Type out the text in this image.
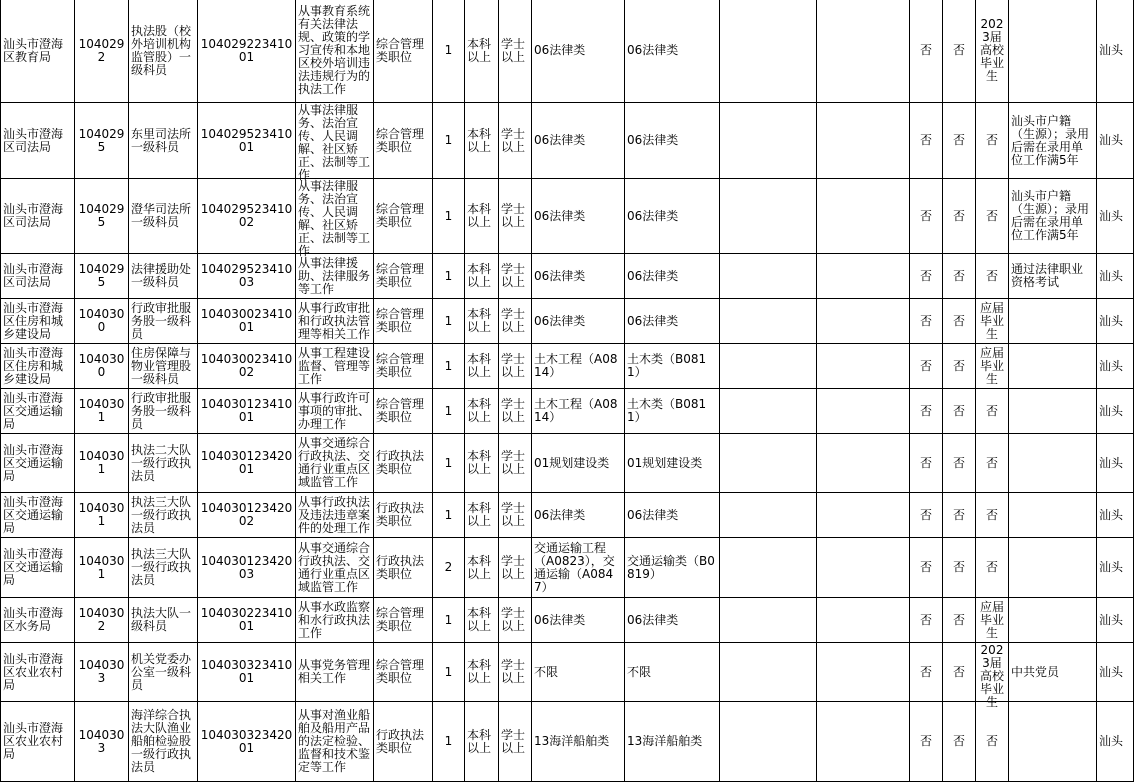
汕头市澄海区教育局	1040292	执法股（校外培训机构监管股）一级科员	10402922341001	从事教育系统有关法律法规、政策的学习宣传和本地区校外培训违法违规行为的执法工作	综合管理类职位	1	本科以上	学士以上	06法律类	06法律类			否	否	2023届高校毕业生		汕头

汕头市澄海区司法局	1040295	东里司法所一级科员	10402952341001	从事法律服务、法治宣传、人民调解、社区矫正、法制等工作	综合管理类职位	1	本科以上	学士以上	06法律类	06法律类			否	否	否	汕头市户籍（生源）；录用后需在录用单位工作满5年	汕头

汕头市澄海区司法局	1040295	澄华司法所一级科员	10402952341002	从事法律服务、法治宣传、人民调解、社区矫正、法制等工作	综合管理类职位	1	本科以上	学士以上	06法律类	06法律类			否	否	否	汕头市户籍（生源）；录用后需在录用单位工作满5年	汕头

汕头市澄海区司法局	1040295	法律援助处一级科员	10402952341003	从事法律援助、法律服务等工作	综合管理类职位	1	本科以上	学士以上	06法律类	06法律类			否	否	否	通过法律职业资格考试	汕头

汕头市澄海区住房和城乡建设局	1040300	行政审批服务股一级科员	10403002341001	从事行政审批和行政执法管理等相关工作	综合管理类职位	1	本科以上	学士以上	06法律类	06法律类			否	否	应届毕业生		汕头

汕头市澄海区住房和城乡建设局	1040300	住房保障与物业管理股一级科员	10403002341002	从事工程建设监督、管理等工作	综合管理类职位	1	本科以上	学士以上	土木工程（A0814）	土木类（B0811）			否	否	应届毕业生		汕头

汕头市澄海区交通运输局	1040301	行政审批服务股一级科员	10403012341001	从事行政许可事项的审批、办理工作	综合管理类职位	1	本科以上	学士以上	土木工程（A0814）	土木类（B0811）			否	否	否		汕头

汕头市澄海区交通运输局	1040301	执法二大队一级行政执法员	10403012342001	从事交通综合行政执法、交通行业重点区域监管工作	行政执法类职位	1	本科以上	学士以上	01规划建设类	01规划建设类			否	否	否		汕头

汕头市澄海区交通运输局	1040301	执法三大队一级行政执法员	10403012342002	从事行政执法及违法违章案件的处理工作	行政执法类职位	1	本科以上	学士以上	06法律类	06法律类			否	否	否		汕头

汕头市澄海区交通运输局	1040301	执法三大队一级行政执法员	10403012342003	从事交通综合行政执法、交通行业重点区域监管工作	行政执法类职位	2	本科以上	学士以上	交通运输工程（A0823），交通运输（A0847）	交通运输类（B0819）			否	否	否		汕头

汕头市澄海区水务局	1040302	执法大队一级科员	10403022341001	从事水政监察和水行政执法工作	综合管理类职位	1	本科以上	学士以上	06法律类	06法律类			否	否	应届毕业生		汕头

汕头市澄海区农业农村局	1040303	机关党委办公室一级科员	10403032341001	从事党务管理相关工作	综合管理类职位	1	本科以上	学士以上	不限	不限			否	否	2023届高校毕业生	中共党员	汕头

汕头市澄海区农业农村局	1040303	海洋综合执法大队渔业船舶检验股一级行政执法员	10403032342001	从事对渔业船舶及船用产品的法定检验、监督和技术鉴定等工作	行政执法类职位	1	本科以上	学士以上	13海洋船舶类	13海洋船舶类			否	否	否		汕头
